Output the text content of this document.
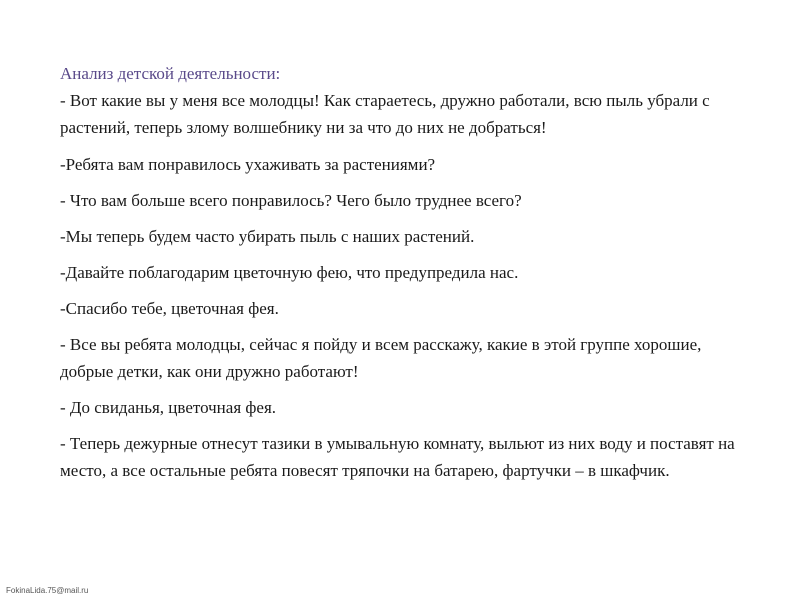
Анализ детской деятельности:

- Вот какие вы у меня все молодцы! Как стараетесь, дружно работали, всю пыль убрали с растений, теперь злому волшебнику ни за что до них не добраться!

-Ребята вам понравилось ухаживать за растениями?

- Что вам больше всего понравилось? Чего было труднее всего?

-Мы теперь будем часто убирать пыль с наших растений.

-Давайте поблагодарим цветочную фею, что предупредила нас.

-Спасибо тебе, цветочная фея.

- Все вы ребята молодцы, сейчас я пойду и всем расскажу, какие в этой группе хорошие, добрые детки, как они дружно работают!

- До свиданья, цветочная фея.

- Теперь дежурные отнесут тазики в умывальную комнату, выльют из них воду и поставят на место, а все остальные ребята повесят тряпочки на батарею, фартучки – в шкафчик.

FokinaLida.75@mail.ru
